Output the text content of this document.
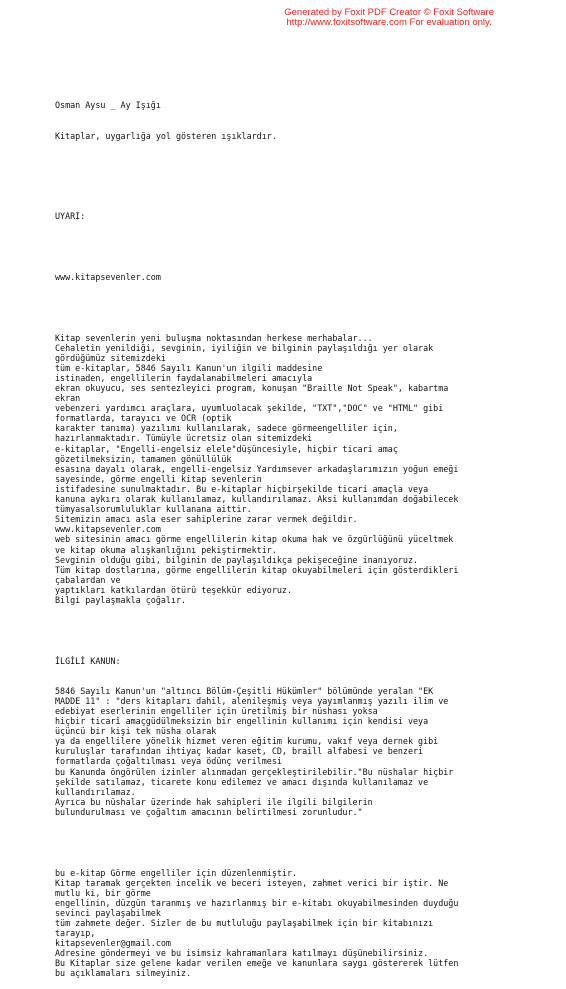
Generated by Foxit PDF Creator © Foxit Software
http://www.foxitsoftware.com For evaluation only.

Osman Aysu _ Ay Işığı

Kitaplar, uygarlığa yol gösteren ışıklardır.

UYARI:

www.kitapsevenler.com

Kitap sevenlerin yeni buluşma noktasından herkese merhabalar...
Cehaletin yenildiği, sevginin, iyiliğin ve bilginin paylaşıldığı yer olarak
gördüğümüz sitemizdeki
tüm e-kitaplar, 5846 Sayılı Kanun'un ilgili maddesine
istinaden, engellilerin faydalanabilmeleri amacıyla
ekran okuyucu, ses sentezleyici program, konuşan "Braille Not Speak", kabartma
ekran
vebenzeri yardımcı araçlara, uyumluolacak şekilde, "TXT","DOC" ve "HTML" gibi
formatlarda, tarayıcı ve OCR (optik
karakter tanıma) yazılımı kullanılarak, sadece görmeengelliler için,
hazırlanmaktadır. Tümüyle ücretsiz olan sitemizdeki
e-kitaplar, "Engelli-engelsiz elele"düşüncesiyle, hiçbir ticari amaç
gözetilmeksizin, tamamen gönüllülük
esasına dayalı olarak, engelli-engelsiz Yardımsever arkadaşlarımızın yoğun emeği
sayesinde, görme engelli kitap sevenlerin
istifadesine sunulmaktadır. Bu e-kitaplar hiçbirşekilde ticari amaçla veya
kanuna aykırı olarak kullanılamaz, kullandırılamaz. Aksi kullanımdan doğabilecek
tümyasalsorumluluklar kullanana aittir.
Sitemizin amacı asla eser sahiplerine zarar vermek değildir.
www.kitapsevenler.com
web sitesinin amacı görme engellilerin kitap okuma hak ve özgürlüğünü yüceltmek
ve kitap okuma alışkanlığını pekiştirmektir.
Sevginin olduğu gibi, bilginin de paylaşıldıkça pekişeceğine inanıyoruz.
Tüm kitap dostlarına, görme engellilerin kitap okuyabilmeleri için gösterdikleri
çabalardan ve
yaptıkları katkılardan ötürü teşekkür ediyoruz.
Bilgi paylaşmakla çoğalır.

İLGİLİ KANUN:

5846 Sayılı Kanun'un "altıncı Bölüm-Çeşitli Hükümler" bölümünde yeralan "EK
MADDE 11" : "ders kitapları dahil, alenileşmiş veya yayımlanmış yazılı ilim ve
edebiyat eserlerinin engelliler için üretilmiş bir nüshası yoksa
hiçbir ticarî amaçgüdülmeksizin bir engellinin kullanımı için kendisi veya
üçüncü bir kişi tek nüsha olarak
ya da engellilere yönelik hizmet veren eğitim kurumu, vakıf veya dernek gibi
kuruluşlar tarafından ihtiyaç kadar kaset, CD, braill alfabesi ve benzeri
formatlarda çoğaltılması veya ödünç verilmesi
bu Kanunda öngörülen izinler alınmadan gerçekleştirilebilir."Bu nüshalar hiçbir
şekilde satılamaz, ticarete konu edilemez ve amacı dışında kullanılamaz ve
kullandırılamaz.
Ayrıca bu nüshalar üzerinde hak sahipleri ile ilgili bilgilerin
bulundurulması ve çoğaltım amacının belirtilmesi zorunludur."

bu e-kitap Görme engelliler için düzenlenmiştir.
Kitap taramak gerçekten incelik ve beceri isteyen, zahmet verici bir iştir. Ne
mutlu ki, bir görme
engellinin, düzgün taranmış ve hazırlanmış bir e-kitabı okuyabilmesinden duyduğu
sevinci paylaşabilmek
tüm zahmete değer. Sizler de bu mutluluğu paylaşabilmek için bir kitabınızı
tarayıp,
kitapsevenler@gmail.com
Adresine göndermeyi ve bu isimsiz kahramanlara katılmayı düşünebilirsiniz.
Bu Kitaplar size gelene kadar verilen emeğe ve kanunlara saygı göstererek lütfen
bu açıklamaları silmeyiniz.
